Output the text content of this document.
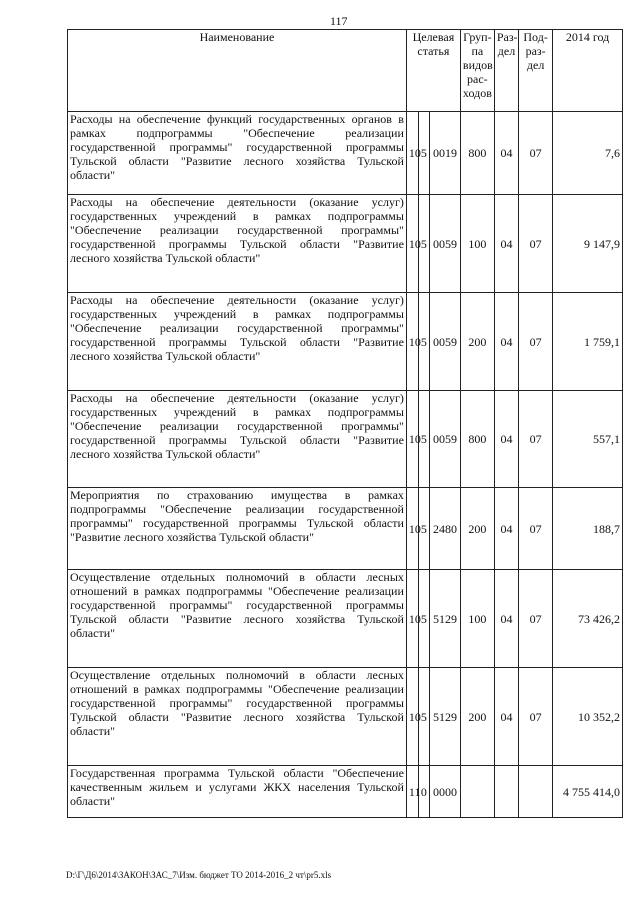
117
Наименование	Целевая статья			Груп-па видов рас-ходов	Раз-дел	Под-раз-дел	2014 год
Расходы на обеспечение функций государственных органов в рамках подпрограммы "Обеспечение реализации государственной программы" государственной программы Тульской области "Развитие лесного хозяйства Тульской области"	10	5	0019	800	04	07	7,6
Расходы на обеспечение деятельности (оказание услуг) государственных учреждений в рамках подпрограммы "Обеспечение реализации государственной программы" государственной программы Тульской области "Развитие лесного хозяйства Тульской области"	10	5	0059	100	04	07	9 147,9
Расходы на обеспечение деятельности (оказание услуг) государственных учреждений в рамках подпрограммы "Обеспечение реализации государственной программы" государственной программы Тульской области "Развитие лесного хозяйства Тульской области"	10	5	0059	200	04	07	1 759,1
Расходы на обеспечение деятельности (оказание услуг) государственных учреждений в рамках подпрограммы "Обеспечение реализации государственной программы" государственной программы Тульской области "Развитие лесного хозяйства Тульской области"	10	5	0059	800	04	07	557,1
Мероприятия по страхованию имущества в рамках подпрограммы "Обеспечение реализации государственной программы" государственной программы Тульской области "Развитие лесного хозяйства Тульской области"	10	5	2480	200	04	07	188,7
Осуществление отдельных полномочий в области лесных отношений в рамках подпрограммы "Обеспечение реализации государственной программы" государственной программы Тульской области "Развитие лесного хозяйства Тульской области"	10	5	5129	100	04	07	73 426,2
Осуществление отдельных полномочий в области лесных отношений в рамках подпрограммы "Обеспечение реализации государственной программы" государственной программы Тульской области "Развитие лесного хозяйства Тульской области"	10	5	5129	200	04	07	10 352,2
Государственная программа Тульской области "Обеспечение качественным жильем и услугами ЖКХ населения Тульской области"	11	0	0000				4 755 414,0
D:\Г\Д6\2014\ЗАКОН\ЗАС_7\Изм. бюджет ТО 2014-2016_2 чт\pr5.xls
